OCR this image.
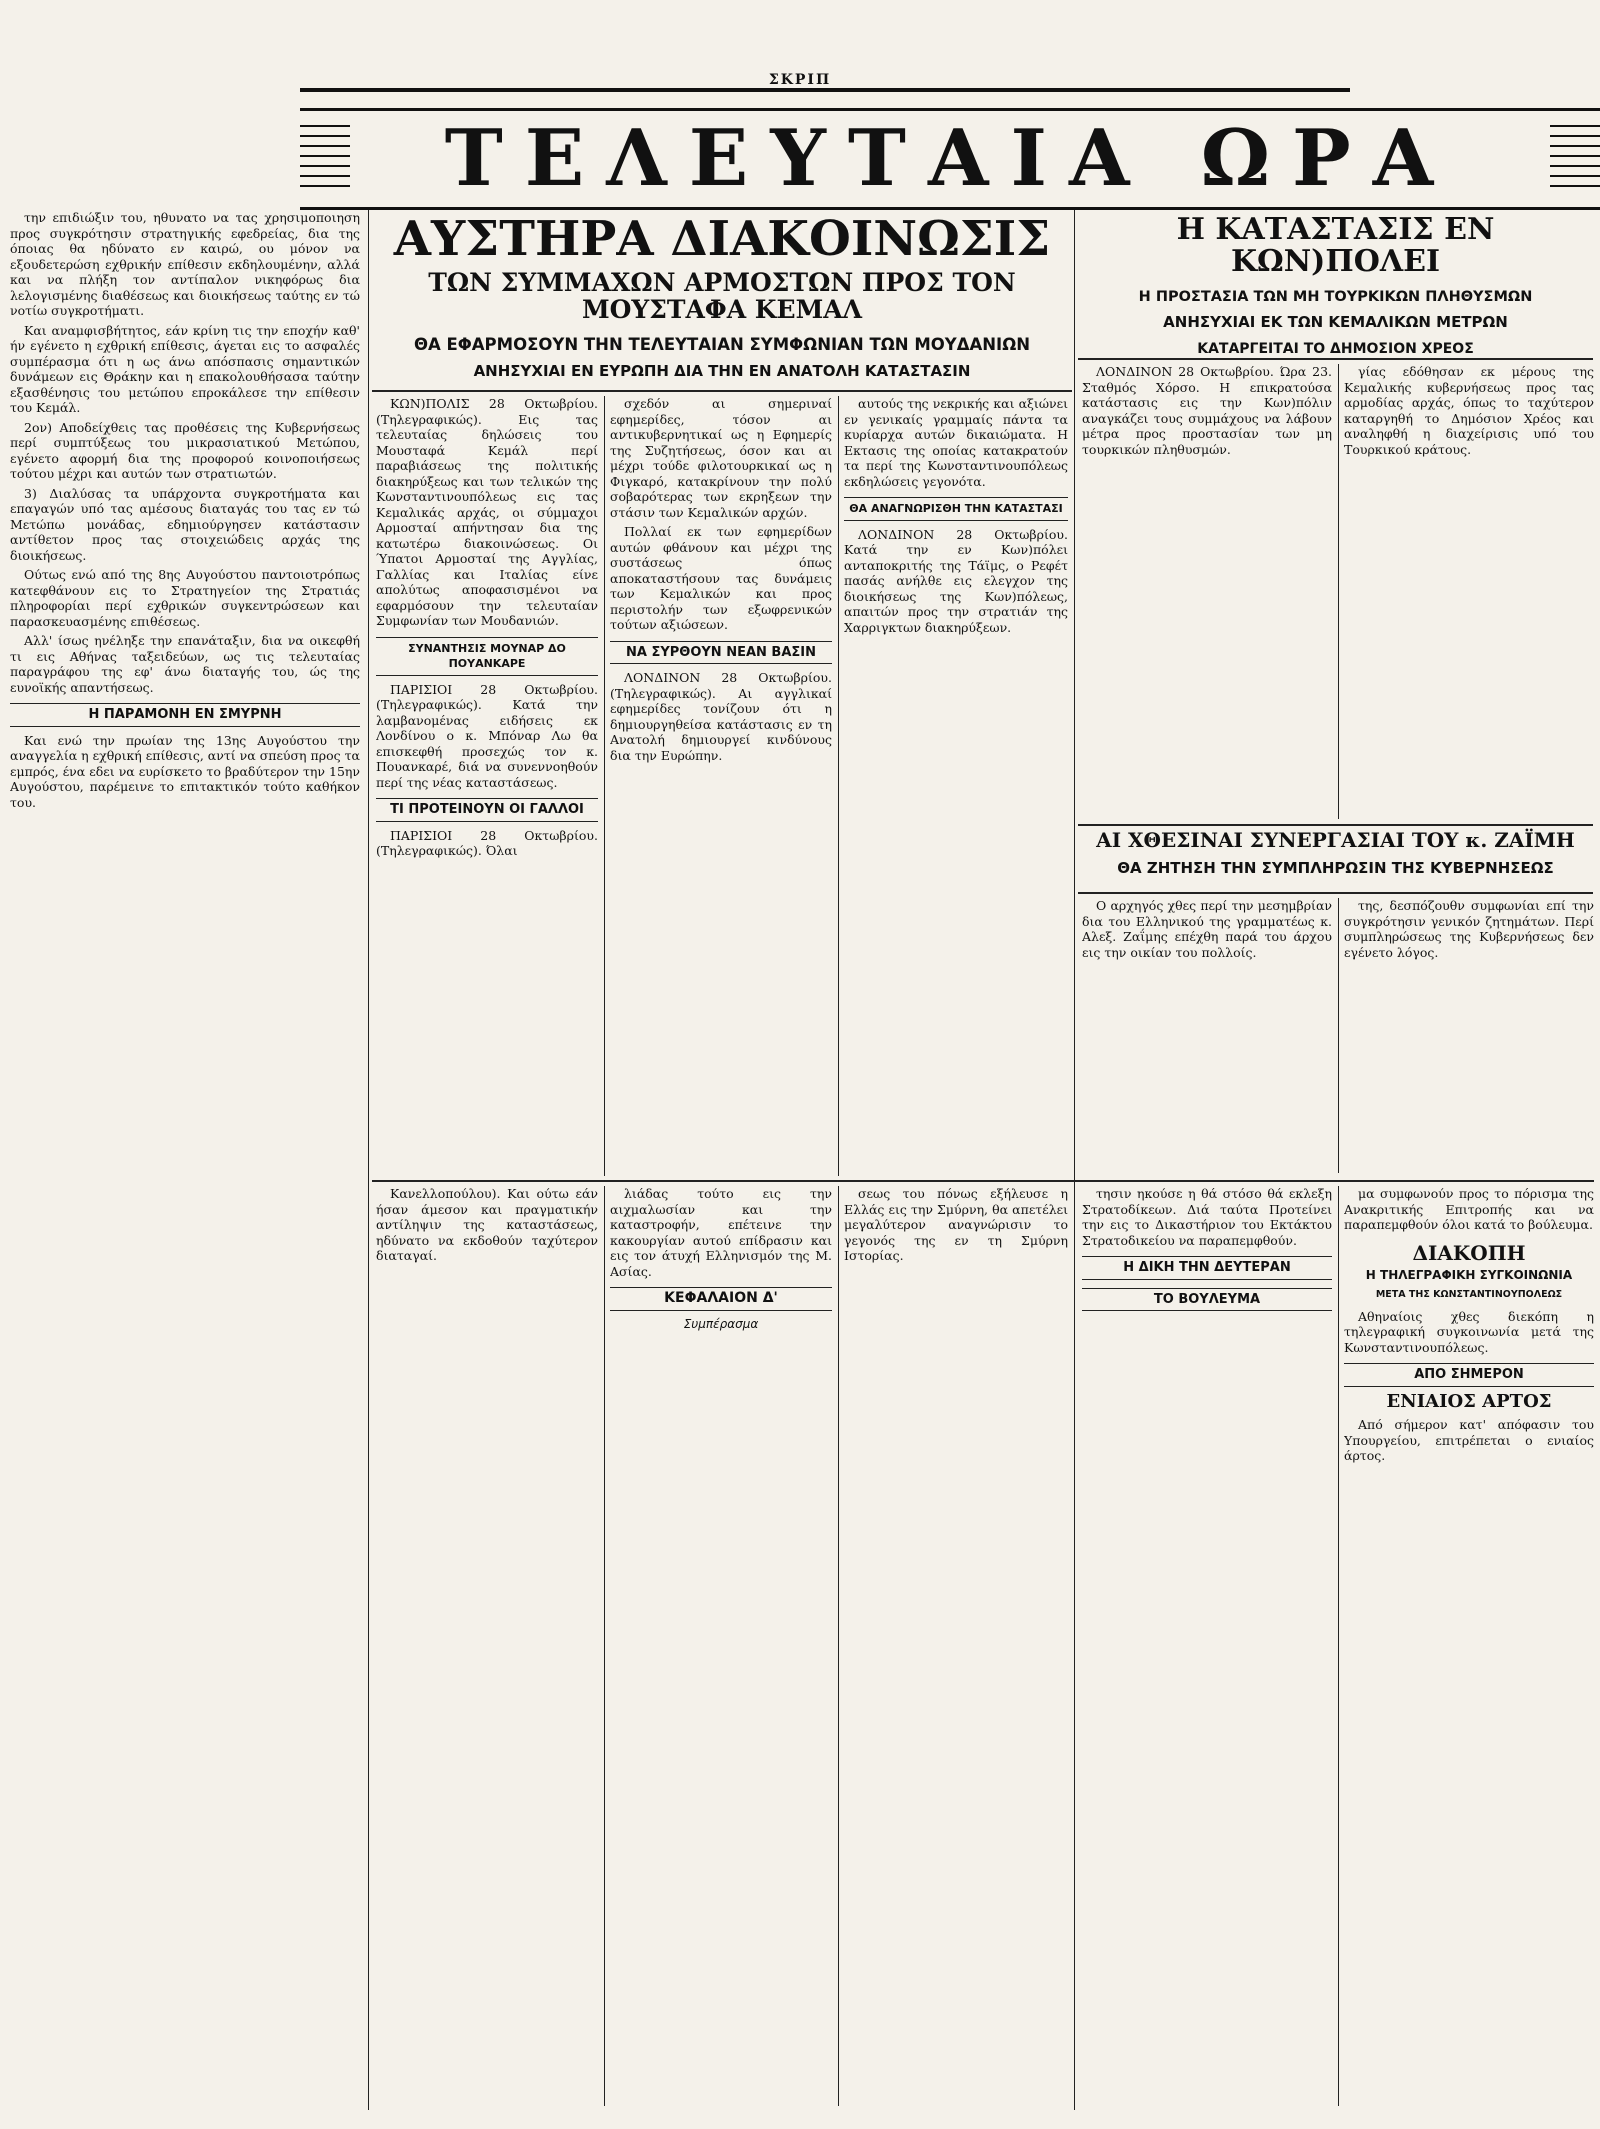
ΣΚΡΙΠ
ΤΕΛΕΥΤΑΙΑ ΩΡΑ

την επιδιώξιν του, ηθυνατο να τας χρησιμοποιηση προς συγκρότησιν στρατηγικής εφεδρείας, δια της όποιας θα ηδύνατο εν καιρώ, ου μόνον να εξουδετερώση εχθρικήν επίθεσιν εκδηλουμένην, αλλά και να πλήξη τον αντίπαλον νικηφόρως δια λελογισμένης διαθέσεως και διοικήσεως ταύτης εν τώ νοτίω συγκροτήματι.

Και αναμφισβήτητος, εάν κρίνη τις την εποχήν καθ' ήν εγένετο η εχθρική επίθεσις, άγεται εις το ασφαλές συμπέρασμα ότι η ως άνω απόσπασις σημαντικών δυνάμεων εις Θράκην και η επακολουθήσασα ταύτην εξασθένησις του μετώπου επροκάλεσε την επίθεσιν του Κεμάλ.

2ον) Αποδείχθεις τας προθέσεις της Κυβερνήσεως περί συμπτύξεως του μικρασιατικού Μετώπου, εγένετο αφορμή δια της προφορού κοινοποιήσεως τούτου μέχρι και αυτών των στρατιωτών.

3) Διαλύσας τα υπάρχοντα συγκροτήματα και επαγαγών υπό τας αμέσους διαταγάς του τας εν τώ Μετώπω μονάδας, εδημιούργησεν κατάστασιν αντίθετον προς τας στοιχειώδεις αρχάς της διοικήσεως.

Ούτως ενώ από της 8ης Αυγούστου παντοιοτρόπως κατεφθάνουν εις το Στρατηγείον της Στρατιάς πληροφορίαι περί εχθρικών συγκεντρώσεων και παρασκευασμένης επιθέσεως.

Αλλ' ίσως ηνέληξε την επανάταξιν, δια να οικεφθή τι εις Αθήνας ταξειδεύων, ως τις τελευταίας παραγράφου της εφ' άνω διαταγής του, ώς της ευνοϊκής απαντήσεως.

Η ΠΑΡΑΜΟΝΗ ΕΝ ΣΜΥΡΝΗ

Και ενώ την πρωίαν της 13ης Αυγούστου την αναγγελία η εχθρική επίθεσις, αντί να σπεύση προς τα εμπρός, ένα εδει να ευρίσκετο το βραδύτερον την 15ην Αυγούστου, παρέμεινε το επιτακτικόν τούτο καθήκον του.

ΑΥΣΤΗΡΑ ΔΙΑΚΟΙΝΩΣΙΣ
ΤΩΝ ΣΥΜΜΑΧΩΝ ΑΡΜΟΣΤΩΝ ΠΡΟΣ ΤΟΝ ΜΟΥΣΤΑΦΑ ΚΕΜΑΛ
ΘΑ ΕΦΑΡΜΟΣΟΥΝ ΤΗΝ ΤΕΛΕΥΤΑΙΑΝ ΣΥΜΦΩΝΙΑΝ ΤΩΝ ΜΟΥΔΑΝΙΩΝ
ΑΝΗΣΥΧΙΑΙ ΕΝ ΕΥΡΩΠΗ ΔΙΑ ΤΗΝ ΕΝ ΑΝΑΤΟΛΗ ΚΑΤΑΣΤΑΣΙΝ

ΚΩΝ)ΠΟΛΙΣ 28 Οκτωβρίου. (Τηλεγραφικώς). Εις τας τελευταίας δηλώσεις του Μουσταφά Κεμάλ περί παραβιάσεως της πολιτικής διακηρύξεως και των τελικών της Κωνσταντινουπόλεως εις τας Κεμαλικάς αρχάς, οι σύμμαχοι Αρμοσταί απήντησαν δια της κατωτέρω διακοινώσεως. Οι Ύπατοι Αρμοσταί της Αγγλίας, Γαλλίας και Ιταλίας είνε απολύτως αποφασισμένοι να εφαρμόσουν την τελευταίαν Συμφωνίαν των Μουδανιών.

ΣΥΝΑΝΤΗΣΙΣ ΜΟΥΝΑΡ ΔΟ ΠΟΥΑΝΚΑΡΕ

ΠΑΡΙΣΙΟΙ 28 Οκτωβρίου. (Τηλεγραφικώς). Κατά την λαμβανομένας ειδήσεις εκ Λονδίνου ο κ. Μπόναρ Λω θα επισκεφθή προσεχώς τον κ. Πουανκαρέ, διά να συνεννοηθούν περί της νέας καταστάσεως.

ΤΙ ΠΡΟΤΕΙΝΟΥΝ ΟΙ ΓΑΛΛΟΙ

ΠΑΡΙΣΙΟΙ 28 Οκτωβρίου. (Τηλεγραφικώς). Όλαι

σχεδόν αι σημεριναί εφημερίδες, τόσον αι αντικυβερνητικαί ως η Εφημερίς της Συζητήσεως, όσον και αι μέχρι τούδε φιλοτουρκικαί ως η Φιγκαρό, κατακρίνουν την πολύ σοβαρότερας των εκρηξεων την στάσιν των Κεμαλικών αρχών.

Πολλαί εκ των εφημερίδων αυτών φθάνουν και μέχρι της συστάσεως όπως αποκαταστήσουν τας δυνάμεις των Κεμαλικών και προς περιστολήν των εξωφρενικών τούτων αξιώσεων.

ΝΑ ΣΥΡΘΟΥΝ ΝΕΑΝ ΒΑΣΙΝ

ΛΟΝΔΙΝΟΝ 28 Οκτωβρίου. (Τηλεγραφικώς). Αι αγγλικαί εφημερίδες τονίζουν ότι η δημιουργηθείσα κατάστασις εν τη Ανατολή δημιουργεί κινδύνους δια την Ευρώπην.

αυτούς της νεκρικής και αξιώνει εν γενικαίς γραμμαίς πάντα τα κυρίαρχα αυτών δικαιώματα. Η Εκτασις της οποίας κατακρατούν τα περί της Κωνσταντινουπόλεως εκδηλώσεις γεγονότα.

ΘΑ ΑΝΑΓΝΩΡΙΣΘΗ ΤΗΝ ΚΑΤΑΣΤΑΣΙ

ΛΟΝΔΙΝΟΝ 28 Οκτωβρίου. Κατά την εν Κων)πόλει ανταποκριτής της Τάϊμς, ο Ρεφέτ πασάς ανήλθε εις ελεγχον της διοικήσεως της Κων)πόλεως, απαιτών προς την στρατιάν της Χαρριγκτων διακηρύξεων.

Η ΚΑΤΑΣΤΑΣΙΣ ΕΝ ΚΩΝ)ΠΟΛΕΙ
Η ΠΡΟΣΤΑΣΙΑ ΤΩΝ ΜΗ ΤΟΥΡΚΙΚΩΝ ΠΛΗΘΥΣΜΩΝ
ΑΝΗΣΥΧΙΑΙ ΕΚ ΤΩΝ ΚΕΜΑΛΙΚΩΝ ΜΕΤΡΩΝ
ΚΑΤΑΡΓΕΙΤΑΙ ΤΟ ΔΗΜΟΣΙΟΝ ΧΡΕΟΣ

ΛΟΝΔΙΝΟΝ 28 Οκτωβρίου. Ώρα 23. Σταθμός Χόρσο. Η επικρατούσα κατάστασις εις την Κων)πόλιν αναγκάζει τους συμμάχους να λάβουν μέτρα προς προστασίαν των μη τουρκικών πληθυσμών.

γίας εδόθησαν εκ μέρους της Κεμαλικής κυβερνήσεως προς τας αρμοδίας αρχάς, όπως το ταχύτερον καταργηθή το Δημόσιον Χρέος και αναληφθή η διαχείρισις υπό του Τουρκικού κράτους.

ΑΙ ΧΘΕΣΙΝΑΙ ΣΥΝΕΡΓΑΣΙΑΙ ΤΟΥ κ. ΖΑΪΜΗ
ΘΑ ΖΗΤΗΣΗ ΤΗΝ ΣΥΜΠΛΗΡΩΣΙΝ ΤΗΣ ΚΥΒΕΡΝΗΣΕΩΣ

Ο αρχηγός χθες περί την μεσημβρίαν δια του Ελληνικού της γραμματέως κ. Αλεξ. Ζαΐμης επέχθη παρά του άρχου εις την οικίαν του πολλοίς.

της, δεσπόζουθν συμφωνίαι επί την συγκρότησιν γενικόν ζητημάτων. Περί συμπληρώσεως της Κυβερνήσεως δεν εγένετο λόγος.

Κανελλοπούλου). Και ούτω εάν ήσαν άμεσον και πραγματικήν αντίληψιν της καταστάσεως, ηδύνατο να εκδοθούν ταχύτερον διαταγαί.

λιάδας τούτο εις την αιχμαλωσίαν και την καταστροφήν, επέτεινε την κακουργίαν αυτού επίδρασιν και εις τον άτυχή Ελληνισμόν της Μ. Ασίας.

ΚΕΦΑΛΑΙΟΝ Δ'
Συμπέρασμα

σεως του πόνως εξήλευσε η Ελλάς εις την Σμύρνη, θα απετέλει μεγαλύτερον αναγνώρισιν το γεγονός της εν τη Σμύρνη Ιστορίας.

τησιν ηκούσε η θά στόσο θά εκλεξη Στρατοδίκεων. Διά ταύτα Προτείνει την εις το Δικαστήριον του Εκτάκτου Στρατοδικείου να παραπεμφθούν.

Η ΔΙΚΗ ΤΗΝ ΔΕΥΤΕΡΑΝ
ΤΟ ΒΟΥΛΕΥΜΑ

μα συμφωνούν προς το πόρισμα της Ανακριτικής Επιτροπής και να παραπεμφθούν όλοι κατά το βούλευμα.

ΔΙΑΚΟΠΗ
Η ΤΗΛΕΓΡΑΦΙΚΗ ΣΥΓΚΟΙΝΩΝΙΑ
ΜΕΤΑ ΤΗΣ ΚΩΝΣΤΑΝΤΙΝΟΥΠΟΛΕΩΣ

Αθηναίοις χθες διεκόπη η τηλεγραφική συγκοινωνία μετά της Κωνσταντινουπόλεως.

ΑΠΟ ΣΗΜΕΡΟΝ
ΕΝΙΑΙΟΣ ΑΡΤΟΣ

Από σήμερον κατ' απόφασιν του Υπουργείου, επιτρέπεται ο ενιαίος άρτος.
